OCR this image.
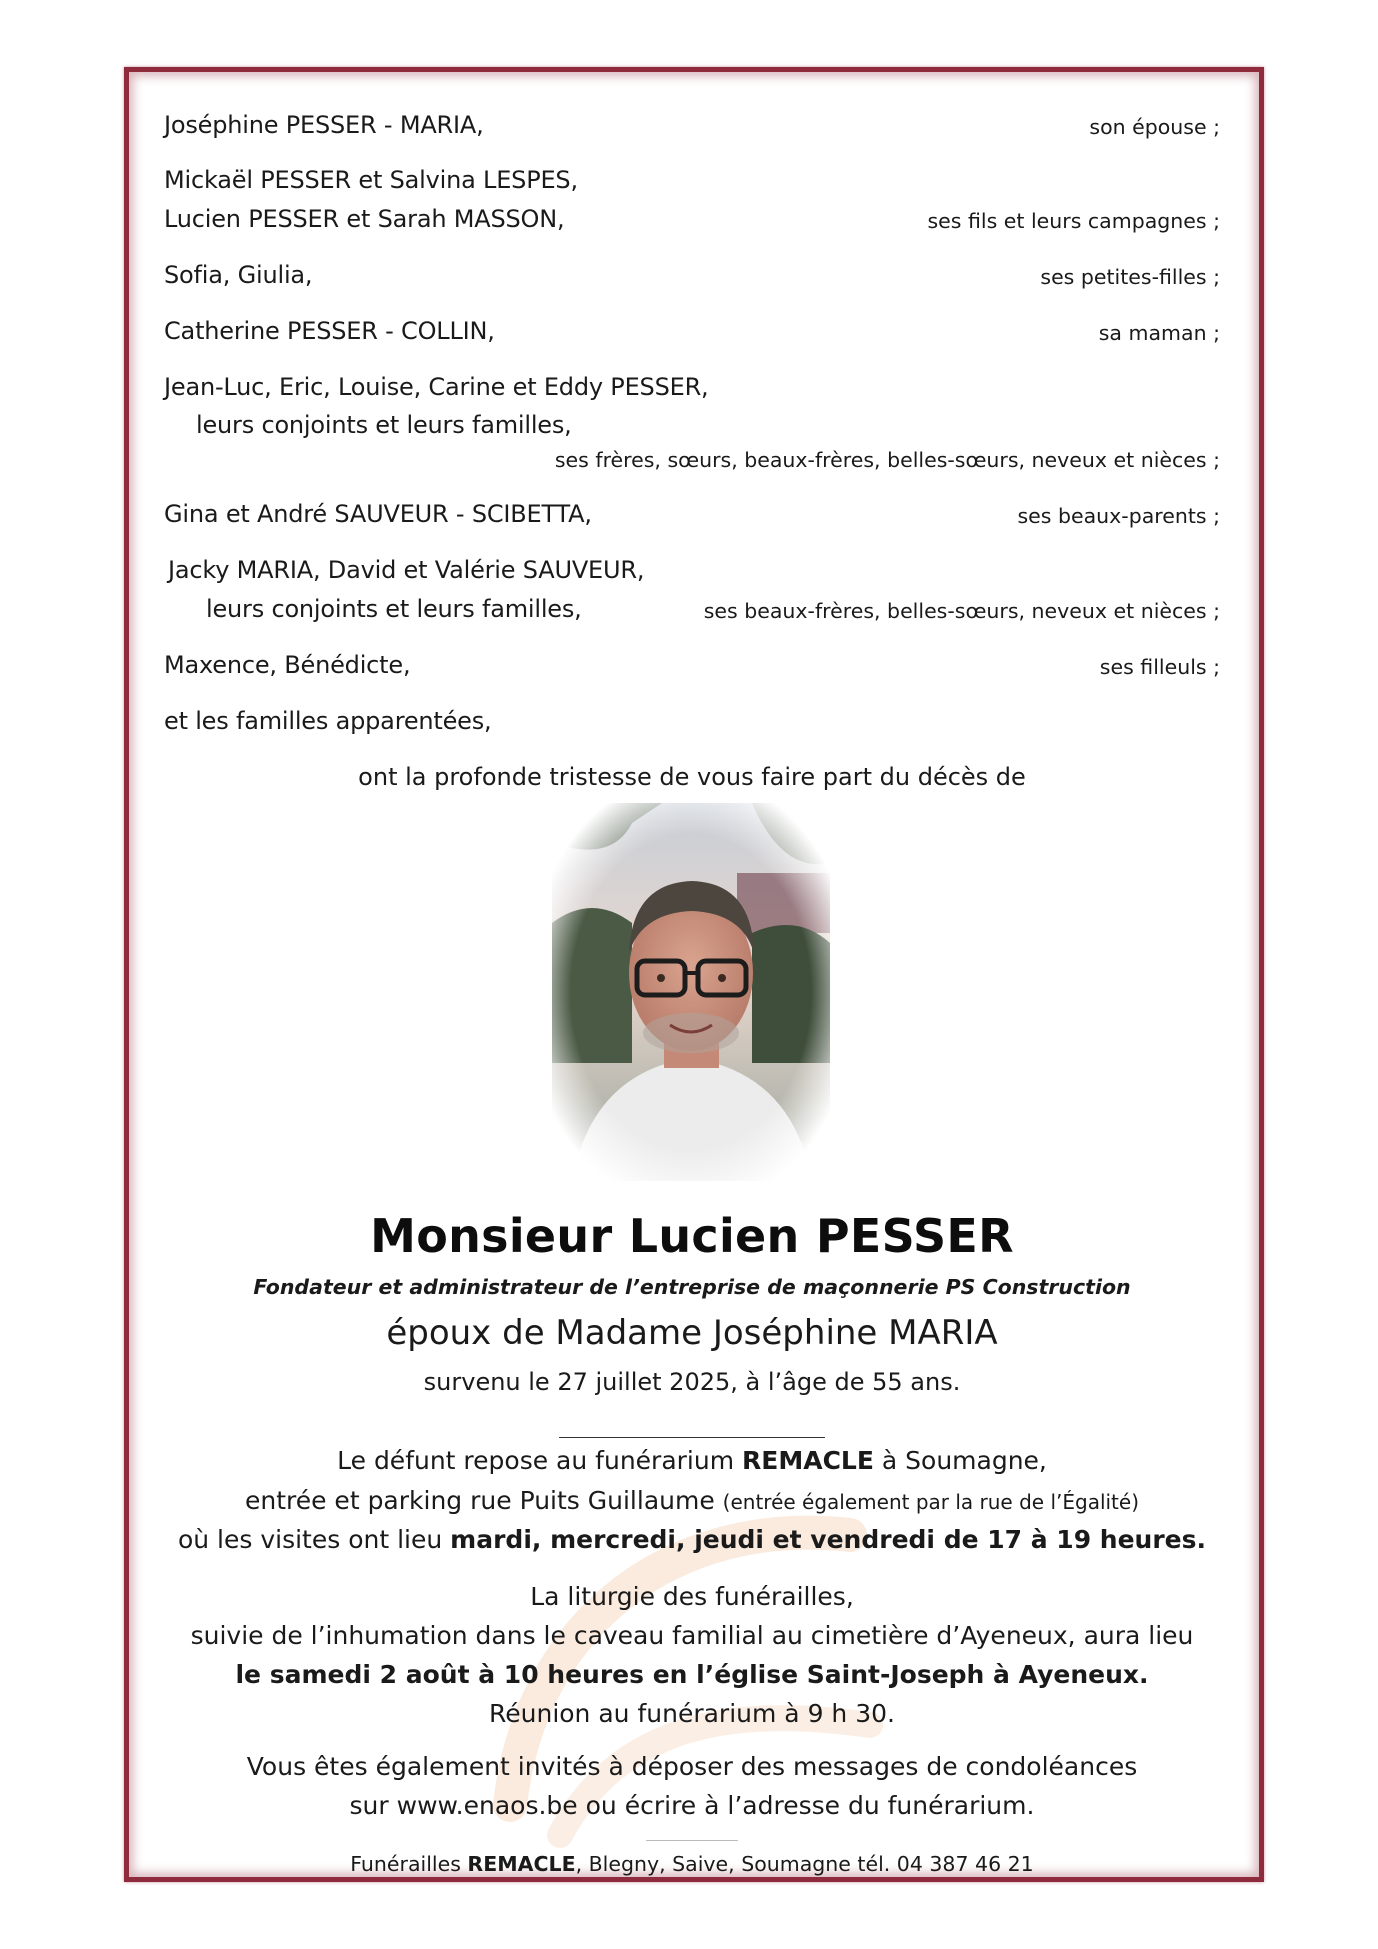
Joséphine PESSER - MARIA,	son épouse ;
Mickaël PESSER et Salvina LESPES,
Lucien PESSER et Sarah MASSON,	ses fils et leurs campagnes ;
Sofia, Giulia,	ses petites-filles ;
Catherine PESSER - COLLIN,	sa maman ;
Jean-Luc, Eric, Louise, Carine et Eddy PESSER,
leurs conjoints et leurs familles,
ses frères, sœurs, beaux-frères, belles-sœurs, neveux et nièces ;
Gina et André SAUVEUR - SCIBETTA,	ses beaux-parents ;
Jacky MARIA, David et Valérie SAUVEUR,
leurs conjoints et leurs familles,	ses beaux-frères, belles-sœurs, neveux et nièces ;
Maxence, Bénédicte,	ses filleuls ;
et les familles apparentées,
ont la profonde tristesse de vous faire part du décès de
Monsieur Lucien PESSER
Fondateur et administrateur de l’entreprise de maçonnerie PS Construction
époux de Madame Joséphine MARIA
survenu le 27 juillet 2025, à l’âge de 55 ans.
Le défunt repose au funérarium REMACLE à Soumagne,
entrée et parking rue Puits Guillaume (entrée également par la rue de l’Égalité)
où les visites ont lieu mardi, mercredi, jeudi et vendredi de 17 à 19 heures.
La liturgie des funérailles,
suivie de l’inhumation dans le caveau familial au cimetière d’Ayeneux, aura lieu
le samedi 2 août à 10 heures en l’église Saint-Joseph à Ayeneux.
Réunion au funérarium à 9 h 30.
Vous êtes également invités à déposer des messages de condoléances
sur www.enaos.be ou écrire à l’adresse du funérarium.
Funérailles REMACLE, Blegny, Saive, Soumagne tél. 04 387 46 21
